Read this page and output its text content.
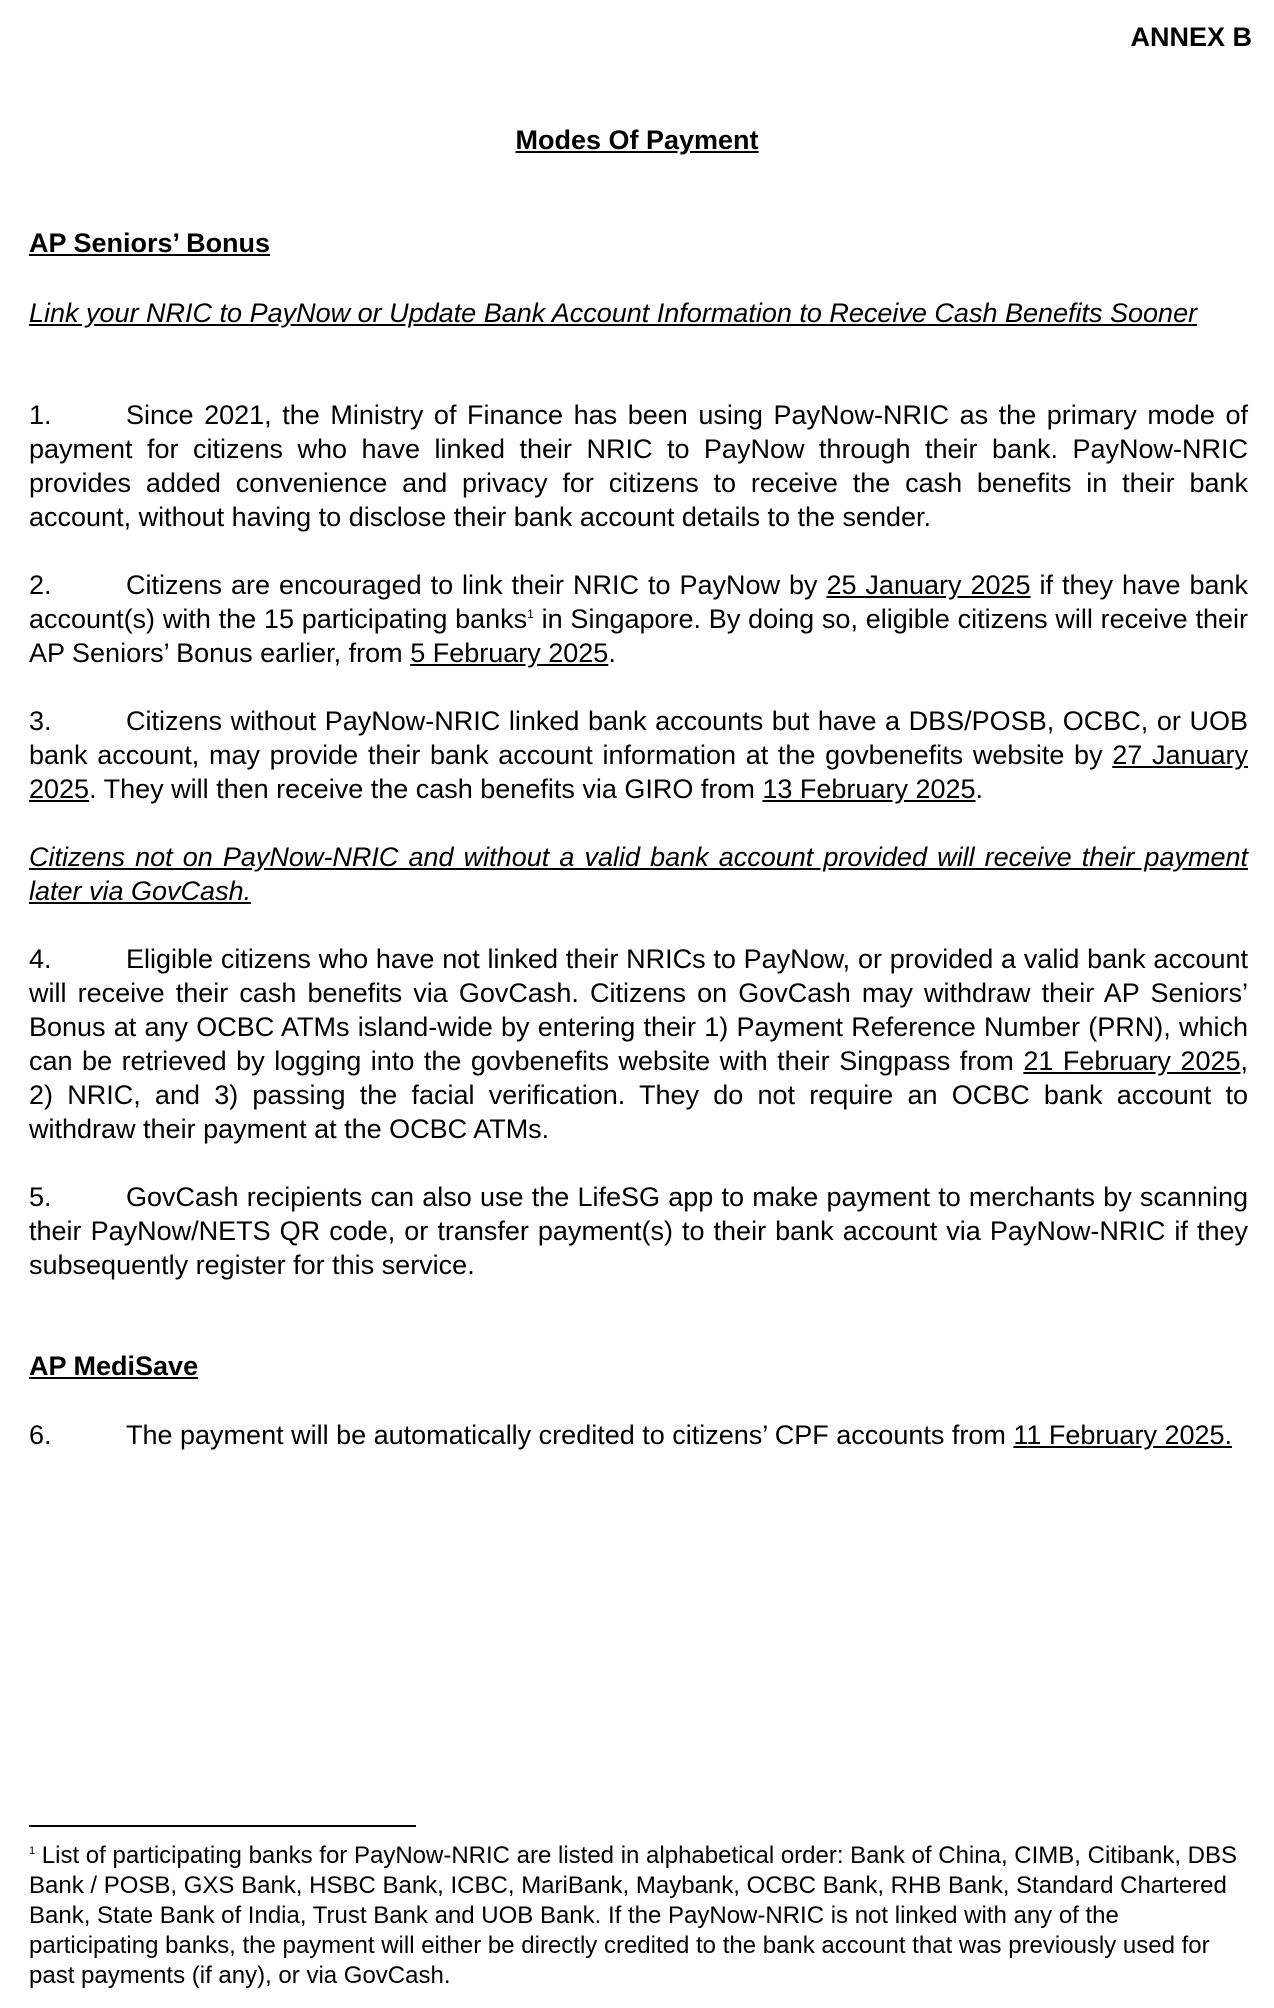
ANNEX B
Modes Of Payment
AP Seniors’ Bonus

Link your NRIC to PayNow or Update Bank Account Information to Receive Cash Benefits Sooner

1.	Since 2021, the Ministry of Finance has been using PayNow-NRIC as the primary mode of payment for citizens who have linked their NRIC to PayNow through their bank. PayNow-NRIC provides added convenience and privacy for citizens to receive the cash benefits in their bank account, without having to disclose their bank account details to the sender.

2.	Citizens are encouraged to link their NRIC to PayNow by 25 January 2025 if they have bank account(s) with the 15 participating banks$^1$ in Singapore. By doing so, eligible citizens will receive their AP Seniors’ Bonus earlier, from 5 February 2025.

3.	Citizens without PayNow-NRIC linked bank accounts but have a DBS/POSB, OCBC, or UOB bank account, may provide their bank account information at the govbenefits website by 27 January 2025. They will then receive the cash benefits via GIRO from 13 February 2025.

Citizens not on PayNow-NRIC and without a valid bank account provided will receive their payment later via GovCash.

4.	Eligible citizens who have not linked their NRICs to PayNow, or provided a valid bank account will receive their cash benefits via GovCash. Citizens on GovCash may withdraw their AP Seniors’ Bonus at any OCBC ATMs island-wide by entering their 1) Payment Reference Number (PRN), which can be retrieved by logging into the govbenefits website with their Singpass from 21 February 2025, 2) NRIC, and 3) passing the facial verification. They do not require an OCBC bank account to withdraw their payment at the OCBC ATMs.

5.	GovCash recipients can also use the LifeSG app to make payment to merchants by scanning their PayNow/NETS QR code, or transfer payment(s) to their bank account via PayNow-NRIC if they subsequently register for this service.

AP MediSave

6.	The payment will be automatically credited to citizens’ CPF accounts from 11 February 2025.

$^1$ List of participating banks for PayNow-NRIC are listed in alphabetical order: Bank of China, CIMB, Citibank, DBS Bank / POSB, GXS Bank, HSBC Bank, ICBC, MariBank, Maybank, OCBC Bank, RHB Bank, Standard Chartered Bank, State Bank of India, Trust Bank and UOB Bank. If the PayNow-NRIC is not linked with any of the participating banks, the payment will either be directly credited to the bank account that was previously used for past payments (if any), or via GovCash.
